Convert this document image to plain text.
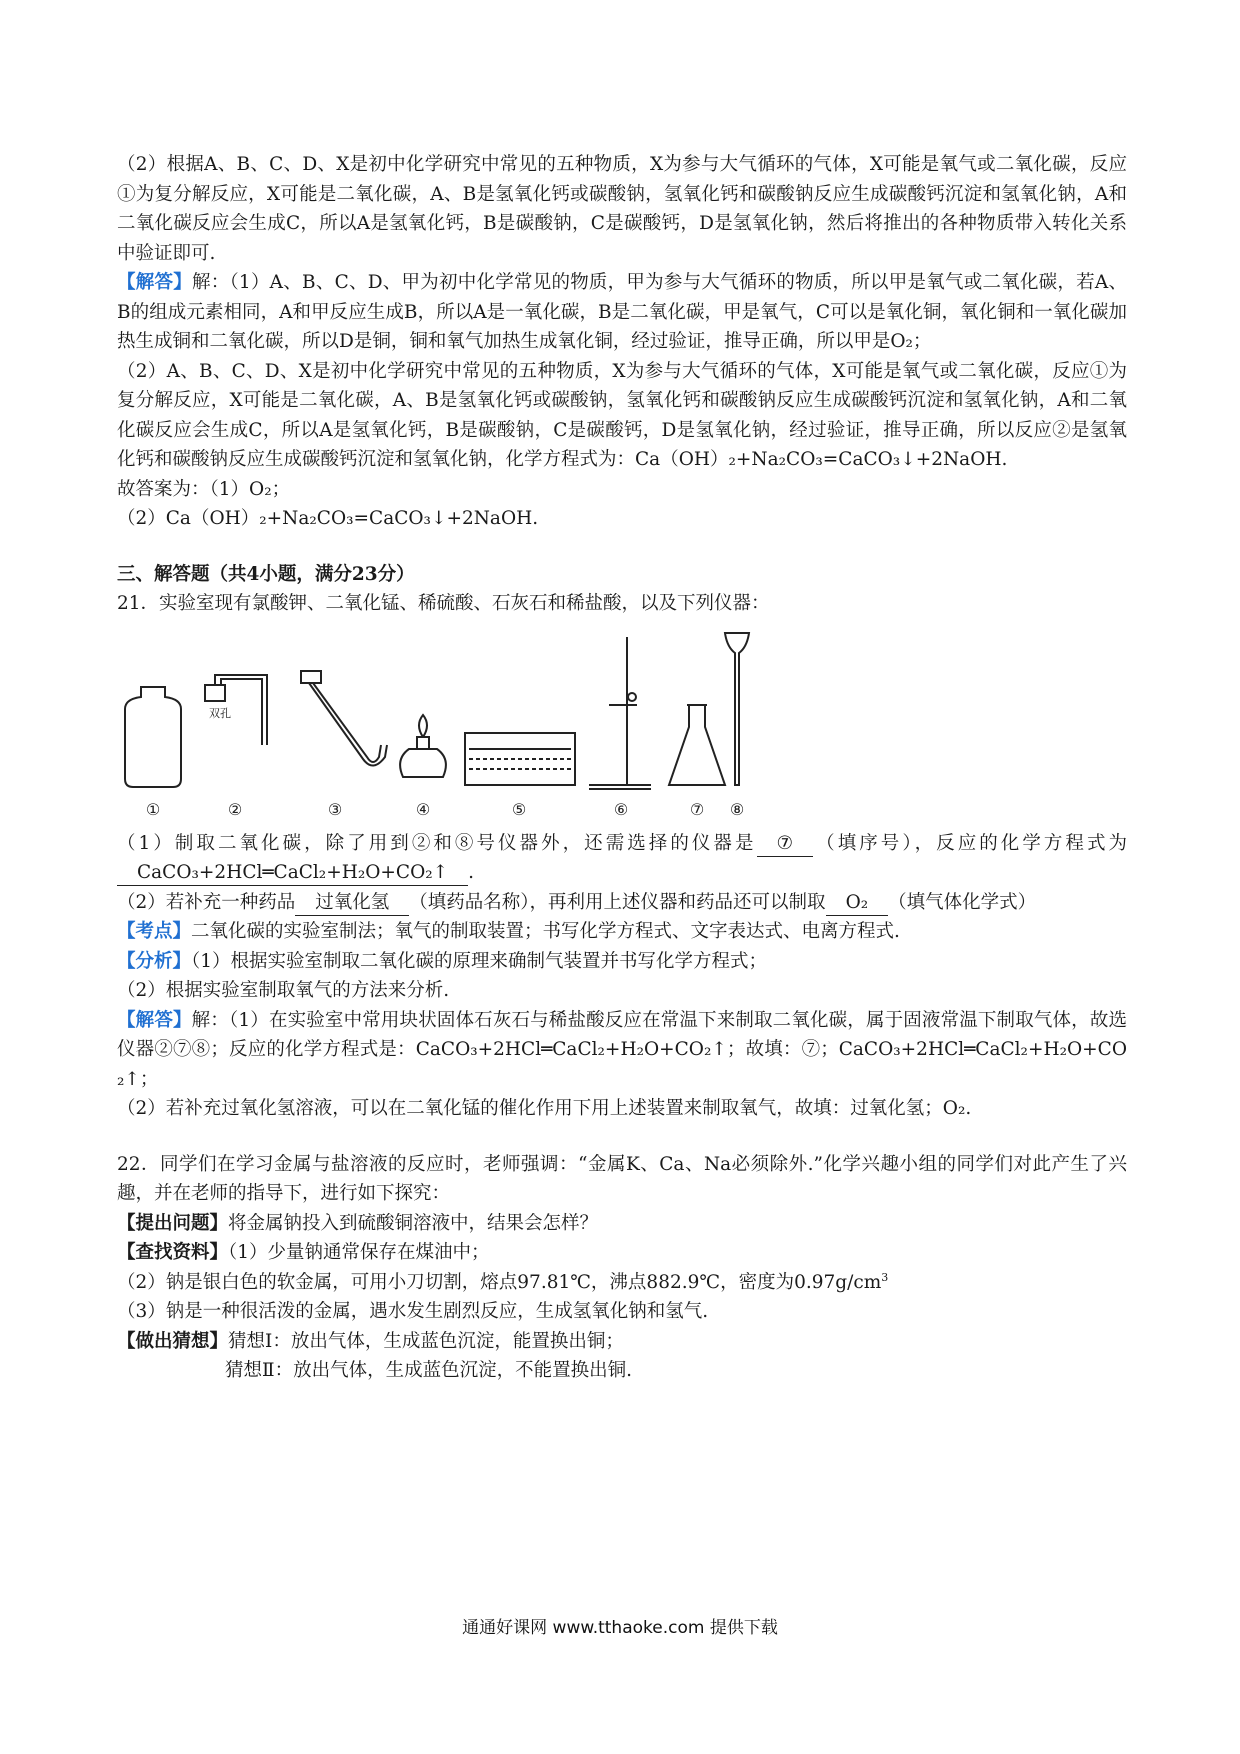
（2）根据A、B、C、D、X是初中化学研究中常见的五种物质，X为参与大气循环的气体，X可能是氧气或二氧化碳，反应①为复分解反应，X可能是二氧化碳，A、B是氢氧化钙或碳酸钠，氢氧化钙和碳酸钠反应生成碳酸钙沉淀和氢氧化钠，A和二氧化碳反应会生成C，所以A是氢氧化钙，B是碳酸钠，C是碳酸钙，D是氢氧化钠，然后将推出的各种物质带入转化关系中验证即可.

【解答】解：（1）A、B、C、D、甲为初中化学常见的物质，甲为参与大气循环的物质，所以甲是氧气或二氧化碳，若A、B的组成元素相同，A和甲反应生成B，所以A是一氧化碳，B是二氧化碳，甲是氧气，C可以是氧化铜，氧化铜和一氧化碳加热生成铜和二氧化碳，所以D是铜，铜和氧气加热生成氧化铜，经过验证，推导正确，所以甲是O₂；

（2）A、B、C、D、X是初中化学研究中常见的五种物质，X为参与大气循环的气体，X可能是氧气或二氧化碳，反应①为复分解反应，X可能是二氧化碳，A、B是氢氧化钙或碳酸钠，氢氧化钙和碳酸钠反应生成碳酸钙沉淀和氢氧化钠，A和二氧化碳反应会生成C，所以A是氢氧化钙，B是碳酸钠，C是碳酸钙，D是氢氧化钠，经过验证，推导正确，所以反应②是氢氧化钙和碳酸钠反应生成碳酸钙沉淀和氢氧化钠，化学方程式为：Ca（OH）₂+Na₂CO₃=CaCO₃↓+2NaOH.

故答案为：（1）O₂；

（2）Ca（OH）₂+Na₂CO₃=CaCO₃↓+2NaOH.

三、解答题（共4小题，满分23分）

21．实验室现有氯酸钾、二氧化锰、稀硫酸、石灰石和稀盐酸，以及下列仪器：

双孔
①	②	③	④	⑤	⑥	⑦ ⑧

（1）制取二氧化碳，除了用到②和⑧号仪器外，还需选择的仪器是 ⑦ （填序号），反应的化学方程式为CaCO₃+2HCl═CaCl₂+H₂O+CO₂↑ .

（2）若补充一种药品 过氧化氢 （填药品名称），再利用上述仪器和药品还可以制取 O₂ （填气体化学式）

【考点】二氧化碳的实验室制法；氧气的制取装置；书写化学方程式、文字表达式、电离方程式.

【分析】（1）根据实验室制取二氧化碳的原理来确制气装置并书写化学方程式；

（2）根据实验室制取氧气的方法来分析.

【解答】解：（1）在实验室中常用块状固体石灰石与稀盐酸反应在常温下来制取二氧化碳，属于固液常温下制取气体，故选仪器②⑦⑧；反应的化学方程式是：CaCO₃+2HCl═CaCl₂+H₂O+CO₂↑；故填：⑦；CaCO₃+2HCl═CaCl₂+H₂O+CO₂↑；

（2）若补充过氧化氢溶液，可以在二氧化锰的催化作用下用上述装置来制取氧气，故填：过氧化氢；O₂.

22．同学们在学习金属与盐溶液的反应时，老师强调：“金属K、Ca、Na必须除外.”化学兴趣小组的同学们对此产生了兴趣，并在老师的指导下，进行如下探究：

【提出问题】将金属钠投入到硫酸铜溶液中，结果会怎样？

【查找资料】（1）少量钠通常保存在煤油中；

（2）钠是银白色的软金属，可用小刀切割，熔点97.81℃，沸点882.9℃，密度为$0.97g/cm^3$

（3）钠是一种很活泼的金属，遇水发生剧烈反应，生成氢氧化钠和氢气.

【做出猜想】猜想Ⅰ：放出气体，生成蓝色沉淀，能置换出铜；

猜想Ⅱ：放出气体，生成蓝色沉淀，不能置换出铜.

通通好课网 www.tthaoke.com 提供下载
